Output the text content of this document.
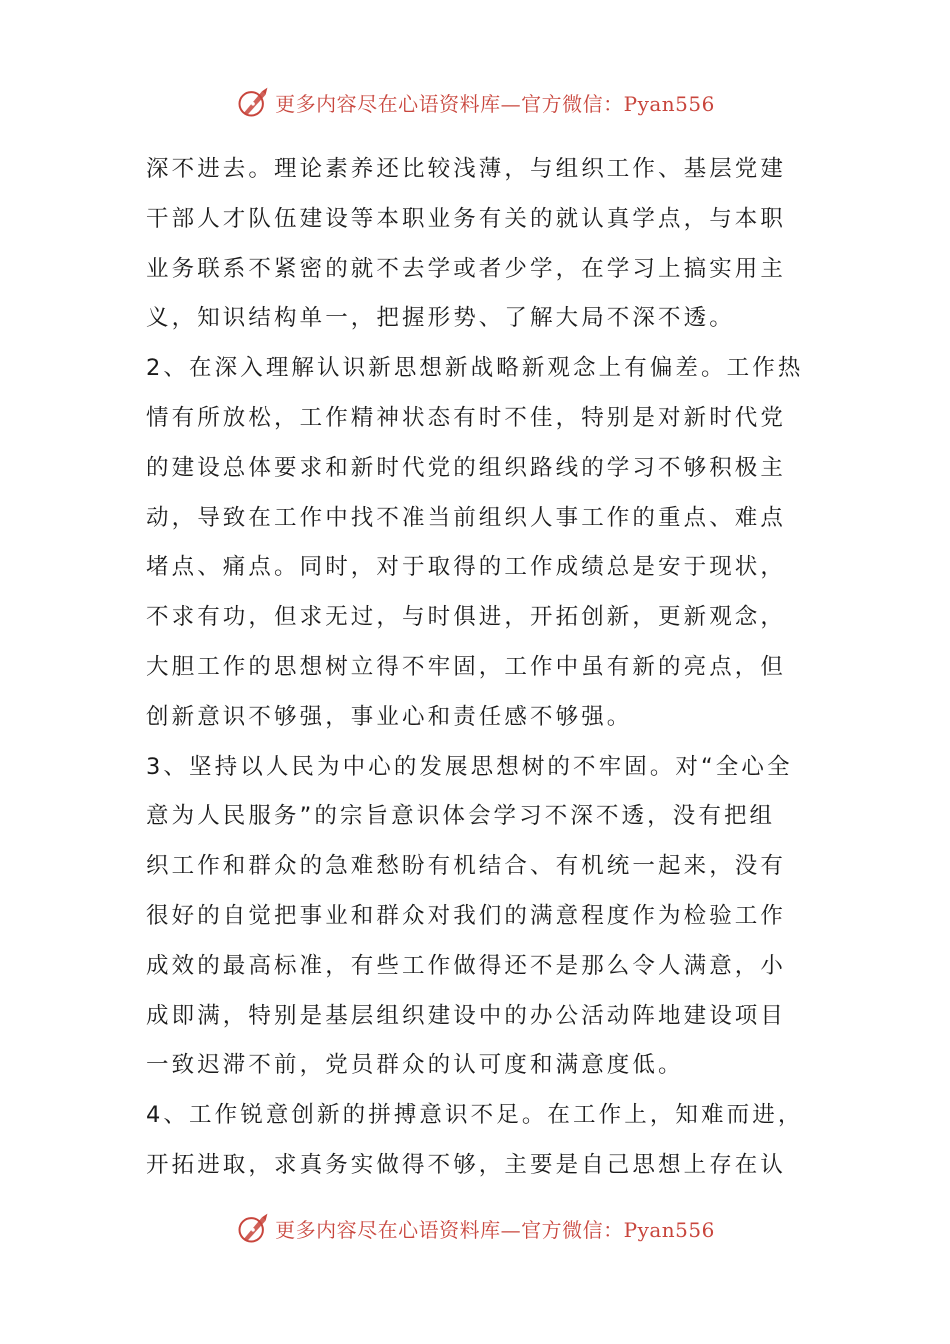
更多内容尽在心语资料库—官方微信：Pyan556
深不进去。理论素养还比较浅薄，与组织工作、基层党建
干部人才队伍建设等本职业务有关的就认真学点，与本职
业务联系不紧密的就不去学或者少学，在学习上搞实用主
义，知识结构单一，把握形势、了解大局不深不透。
2、在深入理解认识新思想新战略新观念上有偏差。工作热
情有所放松，工作精神状态有时不佳，特别是对新时代党
的建设总体要求和新时代党的组织路线的学习不够积极主
动，导致在工作中找不准当前组织人事工作的重点、难点
堵点、痛点。同时，对于取得的工作成绩总是安于现状，
不求有功，但求无过，与时俱进，开拓创新，更新观念，
大胆工作的思想树立得不牢固，工作中虽有新的亮点，但
创新意识不够强，事业心和责任感不够强。
3、坚持以人民为中心的发展思想树的不牢固。对“全心全
意为人民服务”的宗旨意识体会学习不深不透，没有把组
织工作和群众的急难愁盼有机结合、有机统一起来，没有
很好的自觉把事业和群众对我们的满意程度作为检验工作
成效的最高标准，有些工作做得还不是那么令人满意，小
成即满，特别是基层组织建设中的办公活动阵地建设项目
一致迟滞不前，党员群众的认可度和满意度低。
4、工作锐意创新的拼搏意识不足。在工作上，知难而进，
开拓进取，求真务实做得不够，主要是自己思想上存在认
更多内容尽在心语资料库—官方微信：Pyan556
